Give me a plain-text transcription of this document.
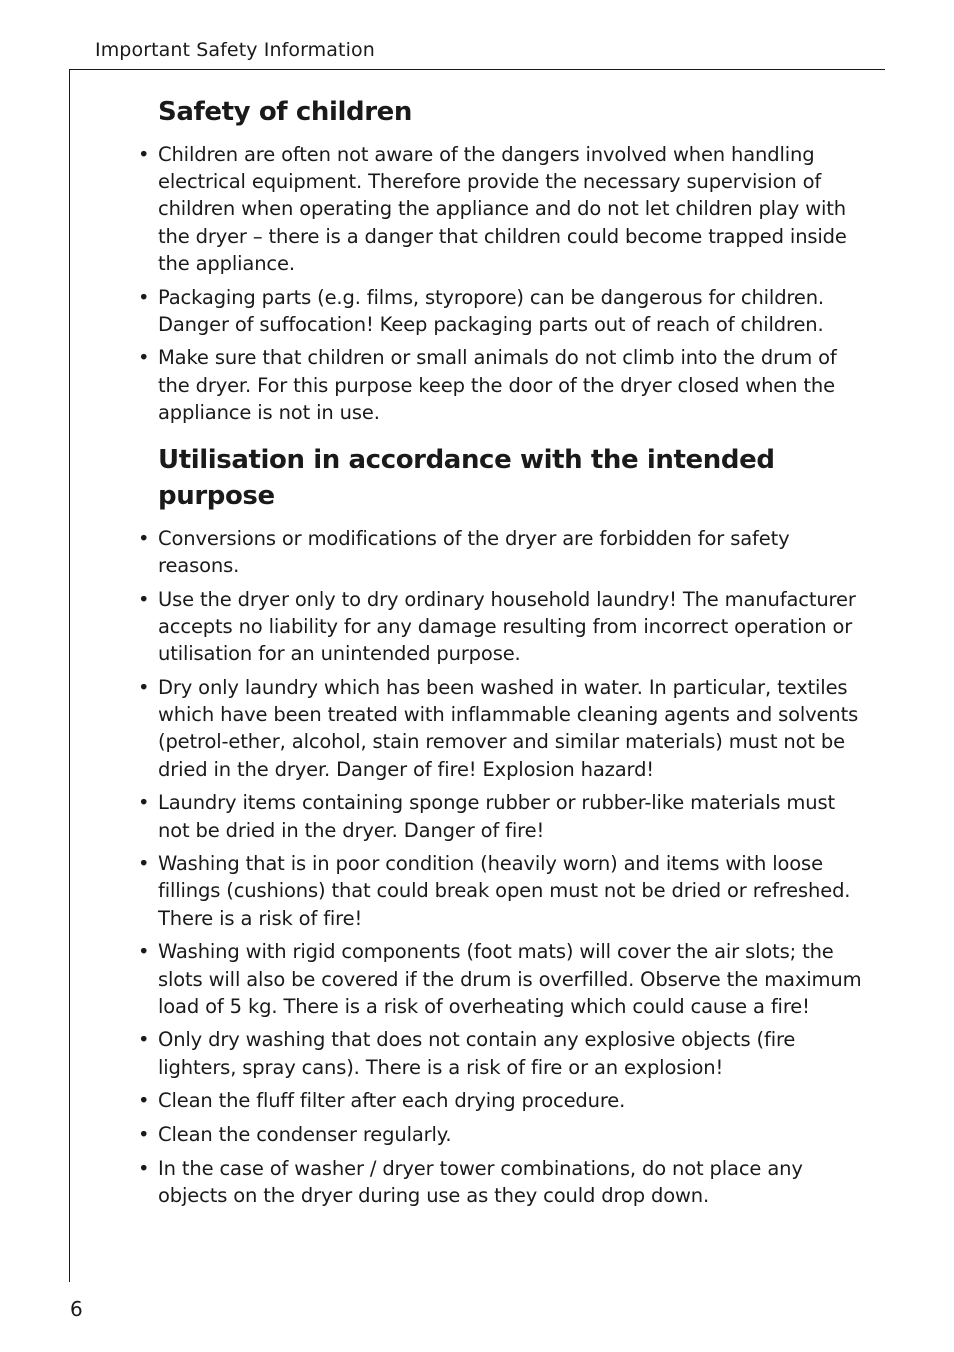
Important Safety Information
Safety of children
• Children are often not aware of the dangers involved when handling electrical equipment. Therefore provide the necessary supervision of children when operating the appliance and do not let children play with the dryer – there is a danger that children could become trapped inside the appliance.
• Packaging parts (e.g. films, styropore) can be dangerous for children. Danger of suffocation! Keep packaging parts out of reach of children.
• Make sure that children or small animals do not climb into the drum of the dryer. For this purpose keep the door of the dryer closed when the appliance is not in use.
Utilisation in accordance with the intended purpose
• Conversions or modifications of the dryer are forbidden for safety reasons.
• Use the dryer only to dry ordinary household laundry! The manufacturer accepts no liability for any damage resulting from incorrect operation or utilisation for an unintended purpose.
• Dry only laundry which has been washed in water. In particular, textiles which have been treated with inflammable cleaning agents and solvents (petrol-ether, alcohol, stain remover and similar materials) must not be dried in the dryer. Danger of fire! Explosion hazard!
• Laundry items containing sponge rubber or rubber-like materials must not be dried in the dryer. Danger of fire!
• Washing that is in poor condition (heavily worn) and items with loose fillings (cushions) that could break open must not be dried or refreshed. There is a risk of fire!
• Washing with rigid components (foot mats) will cover the air slots; the slots will also be covered if the drum is overfilled. Observe the maximum load of 5 kg. There is a risk of overheating which could cause a fire!
• Only dry washing that does not contain any explosive objects (fire lighters, spray cans). There is a risk of fire or an explosion!
• Clean the fluff filter after each drying procedure.
• Clean the condenser regularly.
• In the case of washer / dryer tower combinations, do not place any objects on the dryer during use as they could drop down.
6
